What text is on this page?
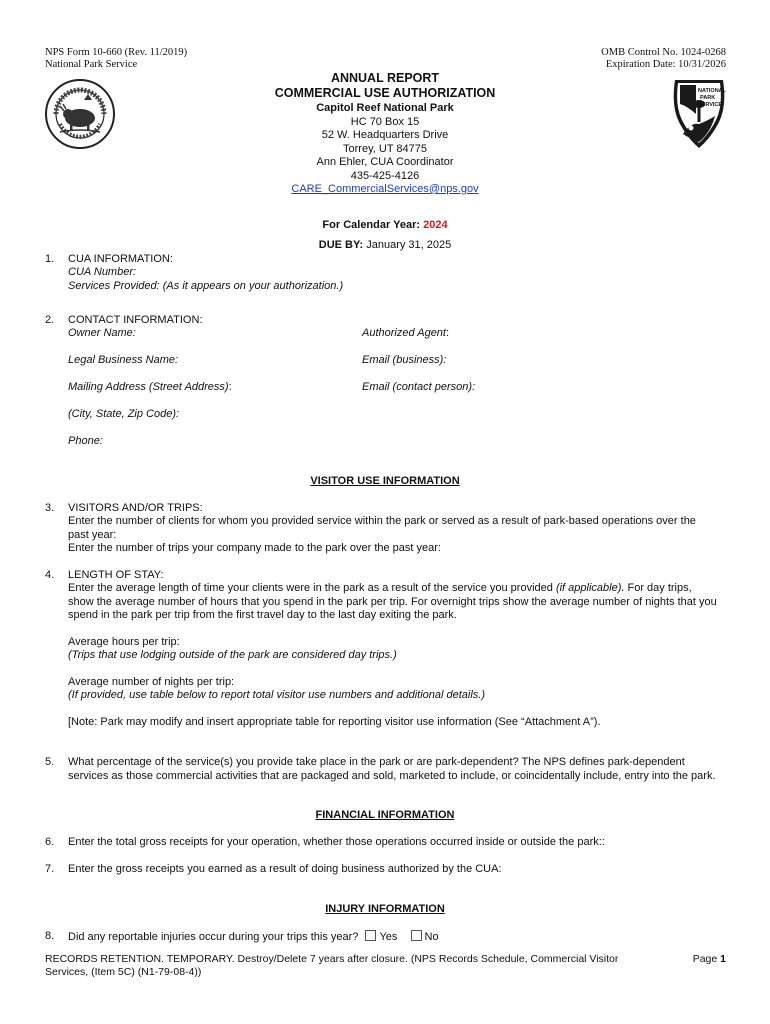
NPS Form 10-660 (Rev. 11/2019)
National Park Service
OMB Control No. 1024-0268
Expiration Date: 10/31/2026
NATIONAL
PARK
SERVICE
ANNUAL REPORT
COMMERCIAL USE AUTHORIZATION
Capitol Reef National Park
HC 70 Box 15
52 W. Headquarters Drive
Torrey, UT 84775
Ann Ehler, CUA Coordinator
435-425-4126
CARE_CommercialServices@nps.gov
For Calendar Year: 2024
DUE BY: January 31, 2025
1. CUA INFORMATION:
CUA Number:
Services Provided: (As it appears on your authorization.)
2. CONTACT INFORMATION:
Owner Name:	Authorized Agent:
Legal Business Name:	Email (business):
Mailing Address (Street Address):	Email (contact person):
(City, State, Zip Code):
Phone:
VISITOR USE INFORMATION
3. VISITORS AND/OR TRIPS:
Enter the number of clients for whom you provided service within the park or served as a result of park-based operations over the past year:
Enter the number of trips your company made to the park over the past year:
4. LENGTH OF STAY:
Enter the average length of time your clients were in the park as a result of the service you provided (if applicable). For day trips, show the average number of hours that you spend in the park per trip. For overnight trips show the average number of nights that you spend in the park per trip from the first travel day to the last day exiting the park.
Average hours per trip:
(Trips that use lodging outside of the park are considered day trips.)
Average number of nights per trip:
(If provided, use table below to report total visitor use numbers and additional details.)
[Note: Park may modify and insert appropriate table for reporting visitor use information (See “Attachment A”).
5. What percentage of the service(s) you provide take place in the park or are park-dependent? The NPS defines park-dependent services as those commercial activities that are packaged and sold, marketed to include, or coincidentally include, entry into the park.
FINANCIAL INFORMATION
6. Enter the total gross receipts for your operation, whether those operations occurred inside or outside the park::
7. Enter the gross receipts you earned as a result of doing business authorized by the CUA:
INJURY INFORMATION
8. Did any reportable injuries occur during your trips this year? Yes No
RECORDS RETENTION. TEMPORARY. Destroy/Delete 7 years after closure. (NPS Records Schedule, Commercial Visitor Services, (Item 5C) (N1-79-08-4))
Page 1
